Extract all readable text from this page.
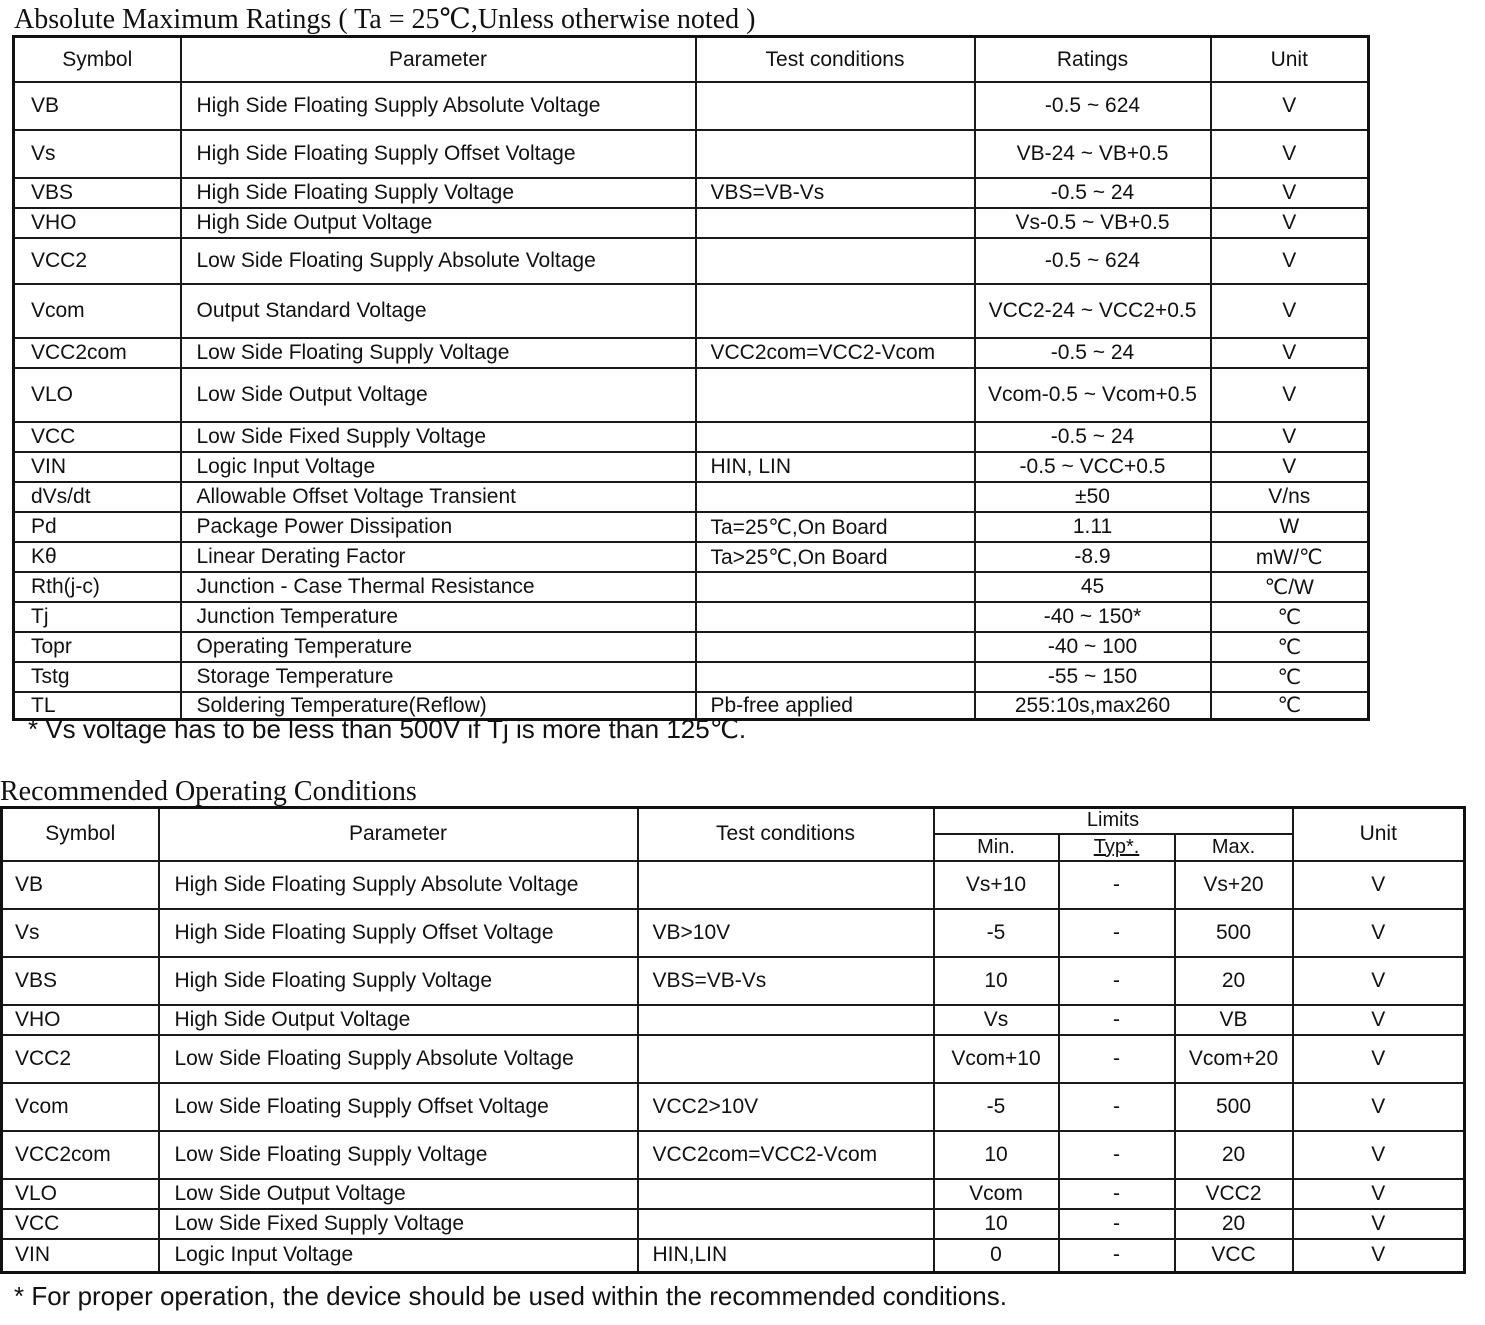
Absolute Maximum Ratings ( Ta = 25℃,Unless otherwise noted )
Symbol	Parameter	Test conditions	Ratings	Unit
VB	High Side Floating Supply Absolute Voltage		-0.5 ~ 624	V
Vs	High Side Floating Supply Offset Voltage		VB-24 ~ VB+0.5	V
VBS	High Side Floating Supply Voltage	VBS=VB-Vs	-0.5 ~ 24	V
VHO	High Side Output Voltage		Vs-0.5 ~ VB+0.5	V
VCC2	Low Side Floating Supply Absolute Voltage		-0.5 ~ 624	V
Vcom	Output Standard Voltage		VCC2-24 ~ VCC2+0.5	V
VCC2com	Low Side Floating Supply Voltage	VCC2com=VCC2-Vcom	-0.5 ~ 24	V
VLO	Low Side Output Voltage		Vcom-0.5 ~ Vcom+0.5	V
VCC	Low Side Fixed Supply Voltage		-0.5 ~ 24	V
VIN	Logic Input Voltage	HIN, LIN	-0.5 ~ VCC+0.5	V
dVs/dt	Allowable Offset Voltage Transient		±50	V/ns
Pd	Package Power Dissipation	Ta=25℃,On Board	1.11	W
Kθ	Linear Derating Factor	Ta>25℃,On Board	-8.9	mW/℃
Rth(j-c)	Junction - Case Thermal Resistance		45	℃/W
Tj	Junction Temperature		-40 ~ 150*	℃
Topr	Operating Temperature		-40 ~ 100	℃
Tstg	Storage Temperature		-55 ~ 150	℃
TL	Soldering Temperature(Reflow)	Pb-free applied	255:10s,max260	℃
* Vs voltage has to be less than 500V if Tj is more than 125℃.
Recommended Operating Conditions
Symbol	Parameter	Test conditions	Limits			Unit
			Min.	Typ*.	Max.	
VB	High Side Floating Supply Absolute Voltage		Vs+10	-	Vs+20	V
Vs	High Side Floating Supply Offset Voltage	VB>10V	-5	-	500	V
VBS	High Side Floating Supply Voltage	VBS=VB-Vs	10	-	20	V
VHO	High Side Output Voltage		Vs	-	VB	V
VCC2	Low Side Floating Supply Absolute Voltage		Vcom+10	-	Vcom+20	V
Vcom	Low Side Floating Supply Offset Voltage	VCC2>10V	-5	-	500	V
VCC2com	Low Side Floating Supply Voltage	VCC2com=VCC2-Vcom	10	-	20	V
VLO	Low Side Output Voltage		Vcom	-	VCC2	V
VCC	Low Side Fixed Supply Voltage		10	-	20	V
VIN	Logic Input Voltage	HIN,LIN	0	-	VCC	V
* For proper operation, the device should be used within the recommended conditions.
